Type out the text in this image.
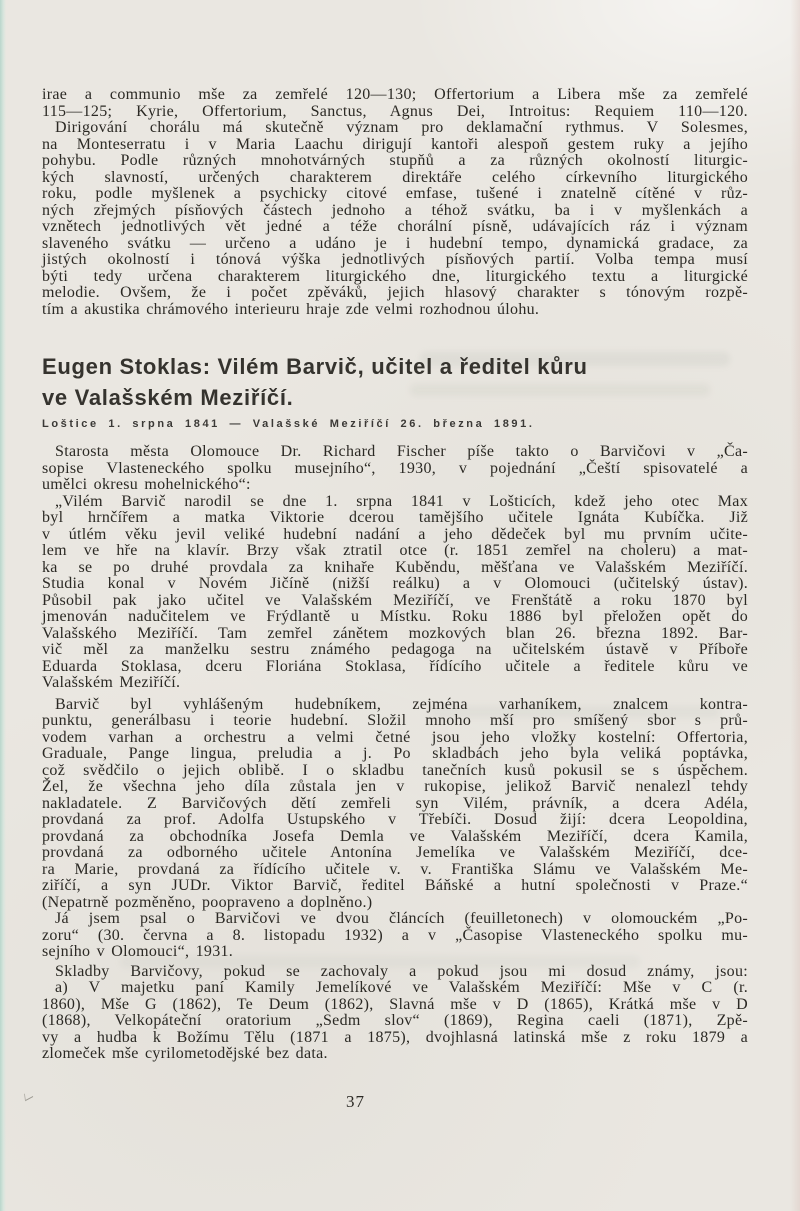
irae a communio mše za zemřelé 120—130; Offertorium a Libera mše za zemřelé
115—125; Kyrie, Offertorium, Sanctus, Agnus Dei, Introitus: Requiem 110—120.
Dirigování chorálu má skutečně význam pro deklamační rythmus. V Solesmes,
na Monteserratu i v Maria Laachu dirigují kantoři alespoň gestem ruky a jejího
pohybu. Podle různých mnohotvárných stupňů a za různých okolností liturgic-
kých slavností, určených charakterem direktáře celého církevního liturgického
roku, podle myšlenek a psychicky citové emfase, tušené i znatelně cítěné v růz-
ných zřejmých písňových částech jednoho a téhož svátku, ba i v myšlenkách a
vznětech jednotlivých vět jedné a téže chorální písně, udávajících ráz i význam
slaveného svátku — určeno a udáno je i hudební tempo, dynamická gradace, za
jistých okolností i tónová výška jednotlivých písňových partií. Volba tempa musí
býti tedy určena charakterem liturgického dne, liturgického textu a liturgické
melodie. Ovšem, že i počet zpěváků, jejich hlasový charakter s tónovým rozpě-
tím a akustika chrámového interieuru hraje zde velmi rozhodnou úlohu.
Eugen Stoklas: Vilém Barvič, učitel a ředitel kůru
ve Valašském Meziříčí.
Loštice 1. srpna 1841 — Valašské Meziříčí 26. března 1891.
Starosta města Olomouce Dr. Richard Fischer píše takto o Barvičovi v „Ča-
sopise Vlasteneckého spolku musejního“, 1930, v pojednání „Čeští spisovatelé a
umělci okresu mohelnického“:
„Vilém Barvič narodil se dne 1. srpna 1841 v Lošticích, kdež jeho otec Max
byl hrnčířem a matka Viktorie dcerou tamějšího učitele Ignáta Kubíčka. Již
v útlém věku jevil veliké hudební nadání a jeho dědeček byl mu prvním učite-
lem ve hře na klavír. Brzy však ztratil otce (r. 1851 zemřel na choleru) a mat-
ka se po druhé provdala za knihaře Kuběndu, měšťana ve Valašském Meziříčí.
Studia konal v Novém Jičíně (nižší reálku) a v Olomouci (učitelský ústav).
Působil pak jako učitel ve Valašském Meziříčí, ve Frenštátě a roku 1870 byl
jmenován nadučitelem ve Frýdlantě u Místku. Roku 1886 byl přeložen opět do
Valašského Meziříčí. Tam zemřel zánětem mozkových blan 26. března 1892. Bar-
vič měl za manželku sestru známého pedagoga na učitelském ústavě v Příboře
Eduarda Stoklasa, dceru Floriána Stoklasa, řídícího učitele a ředitele kůru ve
Valašském Meziříčí.
Barvič byl vyhlášeným hudebníkem, zejména varhaníkem, znalcem kontra-
punktu, generálbasu i teorie hudební. Složil mnoho mší pro smíšený sbor s prů-
vodem varhan a orchestru a velmi četné jsou jeho vložky kostelní: Offertoria,
Graduale, Pange lingua, preludia a j. Po skladbách jeho byla veliká poptávka,
což svědčilo o jejich oblibě. I o skladbu tanečních kusů pokusil se s úspěchem.
Žel, že všechna jeho díla zůstala jen v rukopise, jelikož Barvič nenalezl tehdy
nakladatele. Z Barvičových dětí zemřeli syn Vilém, právník, a dcera Adéla,
provdaná za prof. Adolfa Ustupského v Třebíči. Dosud žijí: dcera Leopoldina,
provdaná za obchodníka Josefa Demla ve Valašském Meziříčí, dcera Kamila,
provdaná za odborného učitele Antonína Jemelíka ve Valašském Meziříčí, dce-
ra Marie, provdaná za řídícího učitele v. v. Františka Slámu ve Valašském Me-
ziříčí, a syn JUDr. Viktor Barvič, ředitel Báňské a hutní společnosti v Praze.“
(Nepatrně pozměněno, poopraveno a doplněno.)
Já jsem psal o Barvičovi ve dvou článcích (feuilletonech) v olomouckém „Po-
zoru“ (30. června a 8. listopadu 1932) a v „Časopise Vlasteneckého spolku mu-
sejního v Olomouci“, 1931.
Skladby Barvičovy, pokud se zachovaly a pokud jsou mi dosud známy, jsou:
a) V majetku paní Kamily Jemelíkové ve Valašském Meziříčí: Mše v C (r.
1860), Mše G (1862), Te Deum (1862), Slavná mše v D (1865), Krátká mše v D
(1868), Velkopáteční oratorium „Sedm slov“ (1869), Regina caeli (1871), Zpě-
vy a hudba k Božímu Tělu (1871 a 1875), dvojhlasná latinská mše z roku 1879 a
zlomeček mše cyrilometodějské bez data.
37
